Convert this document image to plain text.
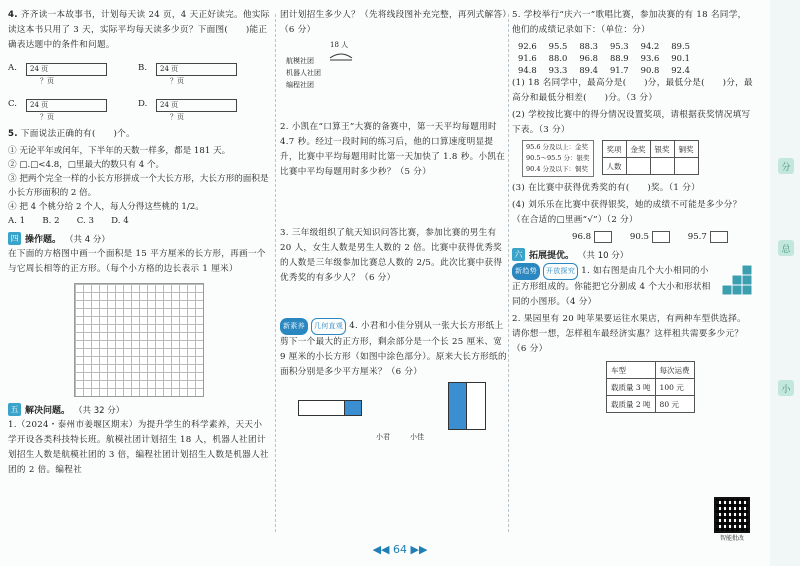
4. 齐齐读一本故事书，计划每天读 24 页，4 天正好读完。他实际读这本书只用了 3 天，实际平均每天读多少页？下面图(　　)能正确表达题中的条件和问题。

A.	24 页
？页
B.	24 页
？页
C.	24 页
？页
D.	24 页
？页

5. 下面说法正确的有(　　)个。

① 无论平年或闰年，下半年的天数一样多，都是 181 天。

② □.□<4.8，□里最大的数只有 4 个。

③ 把两个完全一样的小长方形拼成一个大长方形，大长方形的面积是小长方形面积的 2 倍。

④ 把 4 个桃分给 2 个人，每人分得这些桃的 1/2。

A. 1　　B. 2　　C. 3　　D. 4

四 操作题。 （共 4 分）

在下面的方格图中画一个面积是 15 平方厘米的长方形，再画一个与它周长相等的正方形。（每个小方格的边长表示 1 厘米）

五 解决问题。 （共 32 分）

1.（2024・泰州市姜堰区期末）为提升学生的科学素养，天天小学开设各类科技特长班。航模社团计划招生 18 人，机器人社团计划招生人数是航模社团的 3 倍，编程社团计划招生人数是机器人社团的 2 倍。编程社

团计划招生多少人？（先将线段图补充完整，再列式解答）（6 分）

18 人
航模社团
机器人社团
编程社团

2. 小凯在“口算王”大赛的备赛中，第一天平均每题用时 4.7 秒。经过一段时间的练习后，他的口算速度明显提升，比赛中平均每题用时比第一天加快了 1.8 秒。小凯在比赛中平均每题用时多少秒？（5 分）

3. 三年级组织了航天知识问答比赛，参加比赛的男生有 20 人，女生人数是男生人数的 2 倍。比赛中获得优秀奖的人数是三年级参加比赛总人数的 2/5。此次比赛中获得优秀奖的有多少人？（6 分）

新素养 几何直观 4. 小君和小佳分别从一张大长方形纸上剪下一个最大的正方形，剩余部分是一个长 25 厘米、宽 9 厘米的小长方形（如图中涂色部分）。原来大长方形纸的面积分别是多少平方厘米？（6 分）

小君	小佳

5. 学校举行“庆六一”歌唱比赛，参加决赛的有 18 名同学，他们的成绩记录如下：（单位：分）

92.6	95.5	88.3	95.3	94.2	89.5
91.6	88.0	96.8	88.9	93.6	90.1
94.8	93.3	89.4	91.7	90.8	92.4

(1) 18 名同学中，最高分是(　　)分，最低分是(　　)分，最高分和最低分相差(　　)分。（3 分）

(2) 学校按比赛中的得分情况设置奖项，请根据获奖情况填写下表。（3 分）

95.6 分及以上：金奖
90.5～95.5 分：银奖
90.4 分及以下：铜奖
奖项	金奖	银奖	铜奖
人数			

(3) 在比赛中获得优秀奖的有(　　)奖。（1 分）

(4) 刘乐乐在比赛中获得银奖，她的成绩不可能是多少分？（在合适的□里画“√”）（2 分）

96.8	90.5	95.7
六 拓展提优。 （共 10 分）

新趋势 开放探究 1. 如右图是由几个大小相同的小正方形组成的。你能把它分割成 4 个大小和形状相同的小图形。（4 分）

2. 果园里有 20 吨苹果要运往水果店，有两种车型供选择。请你想一想，怎样租车最经济实惠？这样租共需要多少元？（6 分）

车型	每次运费
载质量 3 吨	100 元
载质量 2 吨	80 元
智能批改
分
总
小
◀◀ 64 ▶▶
